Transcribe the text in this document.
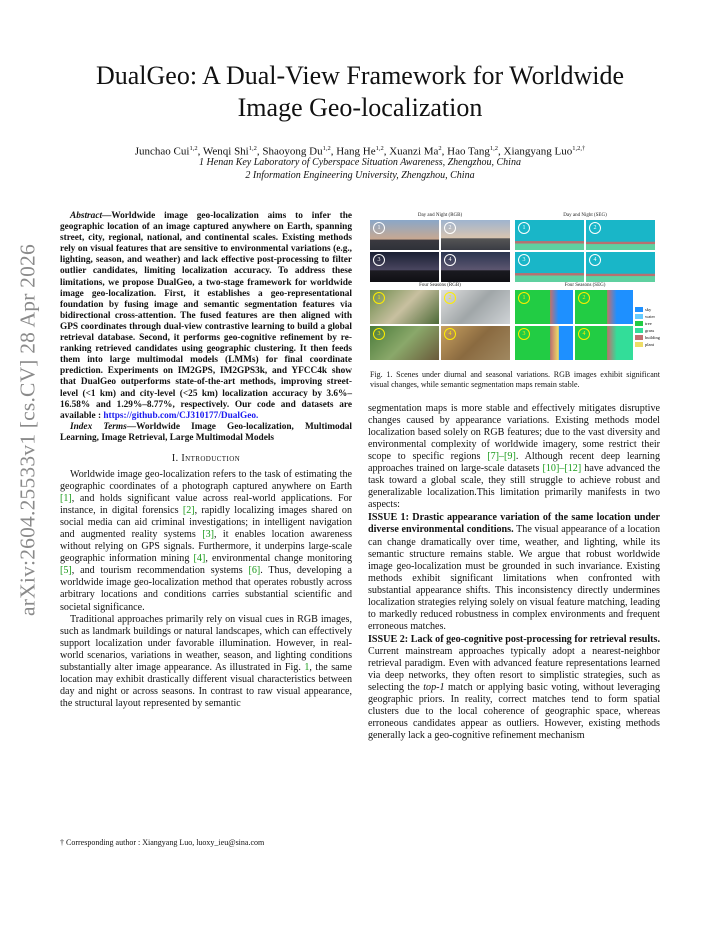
arXiv:2604.25533v1 [cs.CV] 28 Apr 2026
DualGeo: A Dual-View Framework for Worldwide
Image Geo-localization
Junchao Cui$^{1,2}$, Wenqi Shi$^{1,2}$, Shaoyong Du$^{1,2}$, Hang He$^{1,2}$, Xuanzi Ma$^2$, Hao Tang$^{1,2}$, Xiangyang Luo$^{1,2,\dagger}$
1 Henan Key Laboratory of Cyberspace Situation Awareness, Zhengzhou, China
2 Information Engineering University, Zhengzhou, China
Abstract—Worldwide image geo-localization aims to infer the geographic location of an image captured anywhere on Earth, spanning street, city, regional, national, and continental scales. Existing methods rely on visual features that are sensitive to environmental variations (e.g., lighting, season, and weather) and lack effective post-processing to filter outlier candidates, limiting localization accuracy. To address these limitations, we propose DualGeo, a two-stage framework for worldwide image geo-localization. First, it establishes a geo-representational foundation by fusing image and semantic segmentation features via bidirectional cross-attention. The fused features are then aligned with GPS coordinates through dual-view contrastive learning to build a global retrieval database. Second, it performs geo-cognitive refinement by re-ranking retrieved candidates using geographic clustering. It then feeds them into large multimodal models (LMMs) for final coordinate prediction. Experiments on IM2GPS, IM2GPS3k, and YFCC4k show that DualGeo outperforms state-of-the-art methods, improving street-level (<1 km) and city-level (<25 km) localization accuracy by 3.6%–16.58% and 1.29%–8.77%, respectively. Our code and datasets are available : https://github.com/CJ310177/DualGeo.
Index Terms—Worldwide Image Geo-localization, Multimodal Learning, Image Retrieval, Large Multimodal Models
I. Introduction

Worldwide image geo-localization refers to the task of estimating the geographic coordinates of a photograph captured anywhere on Earth [1], and holds significant value across real-world applications. For instance, in digital forensics [2], rapidly localizing images shared on social media can aid criminal investigations; in intelligent navigation and augmented reality systems [3], it enables location awareness without relying on GPS signals. Furthermore, it underpins large-scale geographic information mining [4], environmental change monitoring [5], and tourism recommendation systems [6]. Thus, developing a worldwide image geo-localization method that operates robustly across arbitrary locations and conditions carries substantial scientific and societal significance.

Traditional approaches primarily rely on visual cues in RGB images, such as landmark buildings or natural landscapes, which can effectively support localization under favorable illumination. However, in real-world scenarios, variations in weather, season, and lighting conditions substantially alter image appearance. As illustrated in Fig. 1, the same location may exhibit drastically different visual characteristics between day and night or across seasons. In contrast to raw visual appearance, the structural layout represented by semantic

† Corresponding author : Xiangyang Luo, luoxy_ieu@sina.com
Day and Night (RGB)	Day and Night (SEG)
Four Seasons (RGB)	Four Seasons (SEG)
1	2
3	4
1	2
3	4
1	2
3	4
1	2
3	4
sky
water
tree
grass
building
plant
Fig. 1. Scenes under diurnal and seasonal variations. RGB images exhibit significant visual changes, while semantic segmentation maps remain stable.

segmentation maps is more stable and effectively mitigates disruptive changes caused by appearance variations. Existing methods model localization based solely on RGB features; due to the vast diversity and environmental complexity of worldwide imagery, some restrict their scope to specific regions [7]–[9]. Although recent deep learning approaches trained on large-scale datasets [10]–[12] have advanced the task toward a global scale, they still struggle to achieve robust and generalizable localization.This limitation primarily manifests in two aspects:

ISSUE 1: Drastic appearance variation of the same location under diverse environmental conditions. The visual appearance of a location can change dramatically over time, weather, and lighting, while its semantic structure remains stable. We argue that robust worldwide image geo-localization must be grounded in such invariance. Existing methods exhibit significant limitations when confronted with substantial appearance shifts. This inconsistency directly undermines localization strategies relying solely on visual feature matching, leading to markedly reduced robustness in complex environments and frequent erroneous matches.

ISSUE 2: Lack of geo-cognitive post-processing for retrieval results. Current mainstream approaches typically adopt a nearest-neighbor retrieval paradigm. Even with advanced feature representations learned via deep networks, they often resort to simplistic strategies, such as selecting the top-1 match or applying basic voting, without leveraging geographic priors. In reality, correct matches tend to form spatial clusters due to the local coherence of geographic space, whereas erroneous candidates appear as outliers. However, existing methods generally lack a geo-cognitive refinement mechanism
